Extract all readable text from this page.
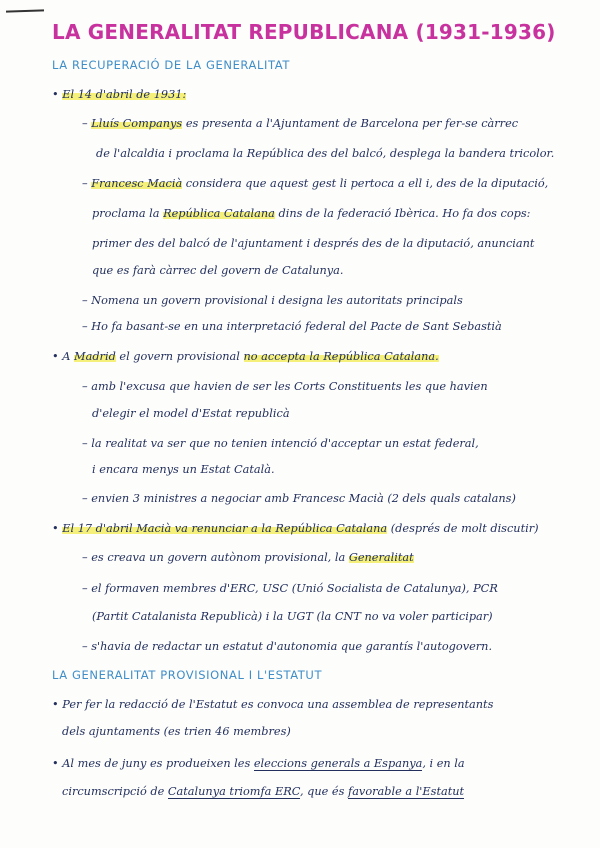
LA GENERALITAT REPUBLICANA (1931-1936)
LA RECUPERACIÓ DE LA GENERALITAT
• El 14 d'abril de 1931:
– Lluís Companys es presenta a l'Ajuntament de Barcelona per fer-se càrrec
de l'alcaldia i proclama la República des del balcó, desplega la bandera tricolor.
– Francesc Macià considera que aquest gest li pertoca a ell i, des de la diputació,
proclama la República Catalana dins de la federació Ibèrica. Ho fa dos cops:
primer des del balcó de l'ajuntament i després des de la diputació, anunciant
que es farà càrrec del govern de Catalunya.
– Nomena un govern provisional i designa les autoritats principals
– Ho fa basant-se en una interpretació federal del Pacte de Sant Sebastià
• A Madrid el govern provisional no accepta la República Catalana.
– amb l'excusa que havien de ser les Corts Constituents les que havien
d'elegir el model d'Estat republicà
– la realitat va ser que no tenien intenció d'acceptar un estat federal,
i encara menys un Estat Català.
– envien 3 ministres a negociar amb Francesc Macià (2 dels quals catalans)
• El 17 d'abril Macià va renunciar a la República Catalana (després de molt discutir)
– es creava un govern autònom provisional, la Generalitat
– el formaven membres d'ERC, USC (Unió Socialista de Catalunya), PCR
(Partit Catalanista Republicà) i la UGT (la CNT no va voler participar)
– s'havia de redactar un estatut d'autonomia que garantís l'autogovern.
LA GENERALITAT PROVISIONAL I L'ESTATUT
• Per fer la redacció de l'Estatut es convoca una assemblea de representants
dels ajuntaments (es trien 46 membres)
• Al mes de juny es produeixen les eleccions generals a Espanya, i en la
circumscripció de Catalunya triomfa ERC, que és favorable a l'Estatut
